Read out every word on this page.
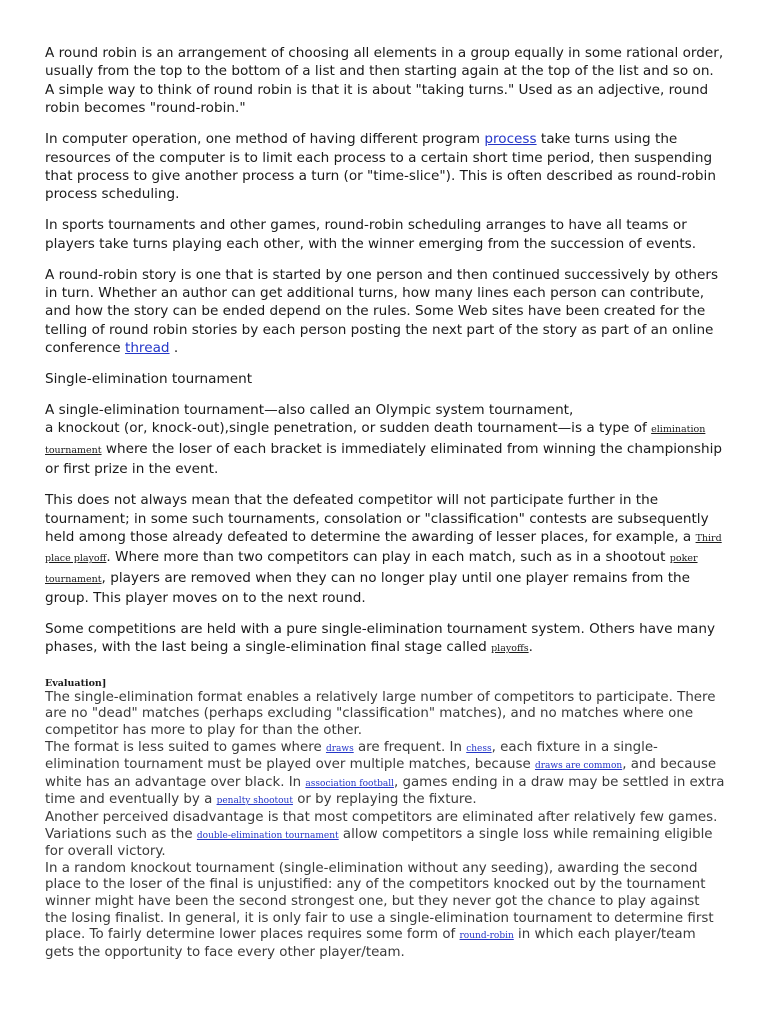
A round robin is an arrangement of choosing all elements in a group equally in some rational order, usually from the top to the bottom of a list and then starting again at the top of the list and so on. A simple way to think of round robin is that it is about "taking turns." Used as an adjective, round robin becomes "round-robin."

In computer operation, one method of having different program process take turns using the resources of the computer is to limit each process to a certain short time period, then suspending that process to give another process a turn (or "time-slice"). This is often described as round-robin process scheduling.

In sports tournaments and other games, round-robin scheduling arranges to have all teams or players take turns playing each other, with the winner emerging from the succession of events.

A round-robin story is one that is started by one person and then continued successively by others in turn. Whether an author can get additional turns, how many lines each person can contribute, and how the story can be ended depend on the rules. Some Web sites have been created for the telling of round robin stories by each person posting the next part of the story as part of an online conference thread .

Single-elimination tournament

A single-elimination tournament—also called an Olympic system tournament,
a knockout (or, knock-out),single penetration, or sudden death tournament—is a type of elimination tournament where the loser of each bracket is immediately eliminated from winning the championship or first prize in the event.

This does not always mean that the defeated competitor will not participate further in the tournament; in some such tournaments, consolation or "classification" contests are subsequently held among those already defeated to determine the awarding of lesser places, for example, a Third place playoff. Where more than two competitors can play in each match, such as in a shootout poker tournament, players are removed when they can no longer play until one player remains from the group. This player moves on to the next round.

Some competitions are held with a pure single-elimination tournament system. Others have many phases, with the last being a single-elimination final stage called playoffs.

Evaluation]

The single-elimination format enables a relatively large number of competitors to participate. There are no "dead" matches (perhaps excluding "classification" matches), and no matches where one competitor has more to play for than the other.

The format is less suited to games where draws are frequent. In chess, each fixture in a single-elimination tournament must be played over multiple matches, because draws are common, and because white has an advantage over black. In association football, games ending in a draw may be settled in extra time and eventually by a penalty shootout or by replaying the fixture.

Another perceived disadvantage is that most competitors are eliminated after relatively few games. Variations such as the double-elimination tournament allow competitors a single loss while remaining eligible for overall victory.

In a random knockout tournament (single-elimination without any seeding), awarding the second place to the loser of the final is unjustified: any of the competitors knocked out by the tournament winner might have been the second strongest one, but they never got the chance to play against the losing finalist. In general, it is only fair to use a single-elimination tournament to determine first place. To fairly determine lower places requires some form of round-robin in which each player/team gets the opportunity to face every other player/team.
